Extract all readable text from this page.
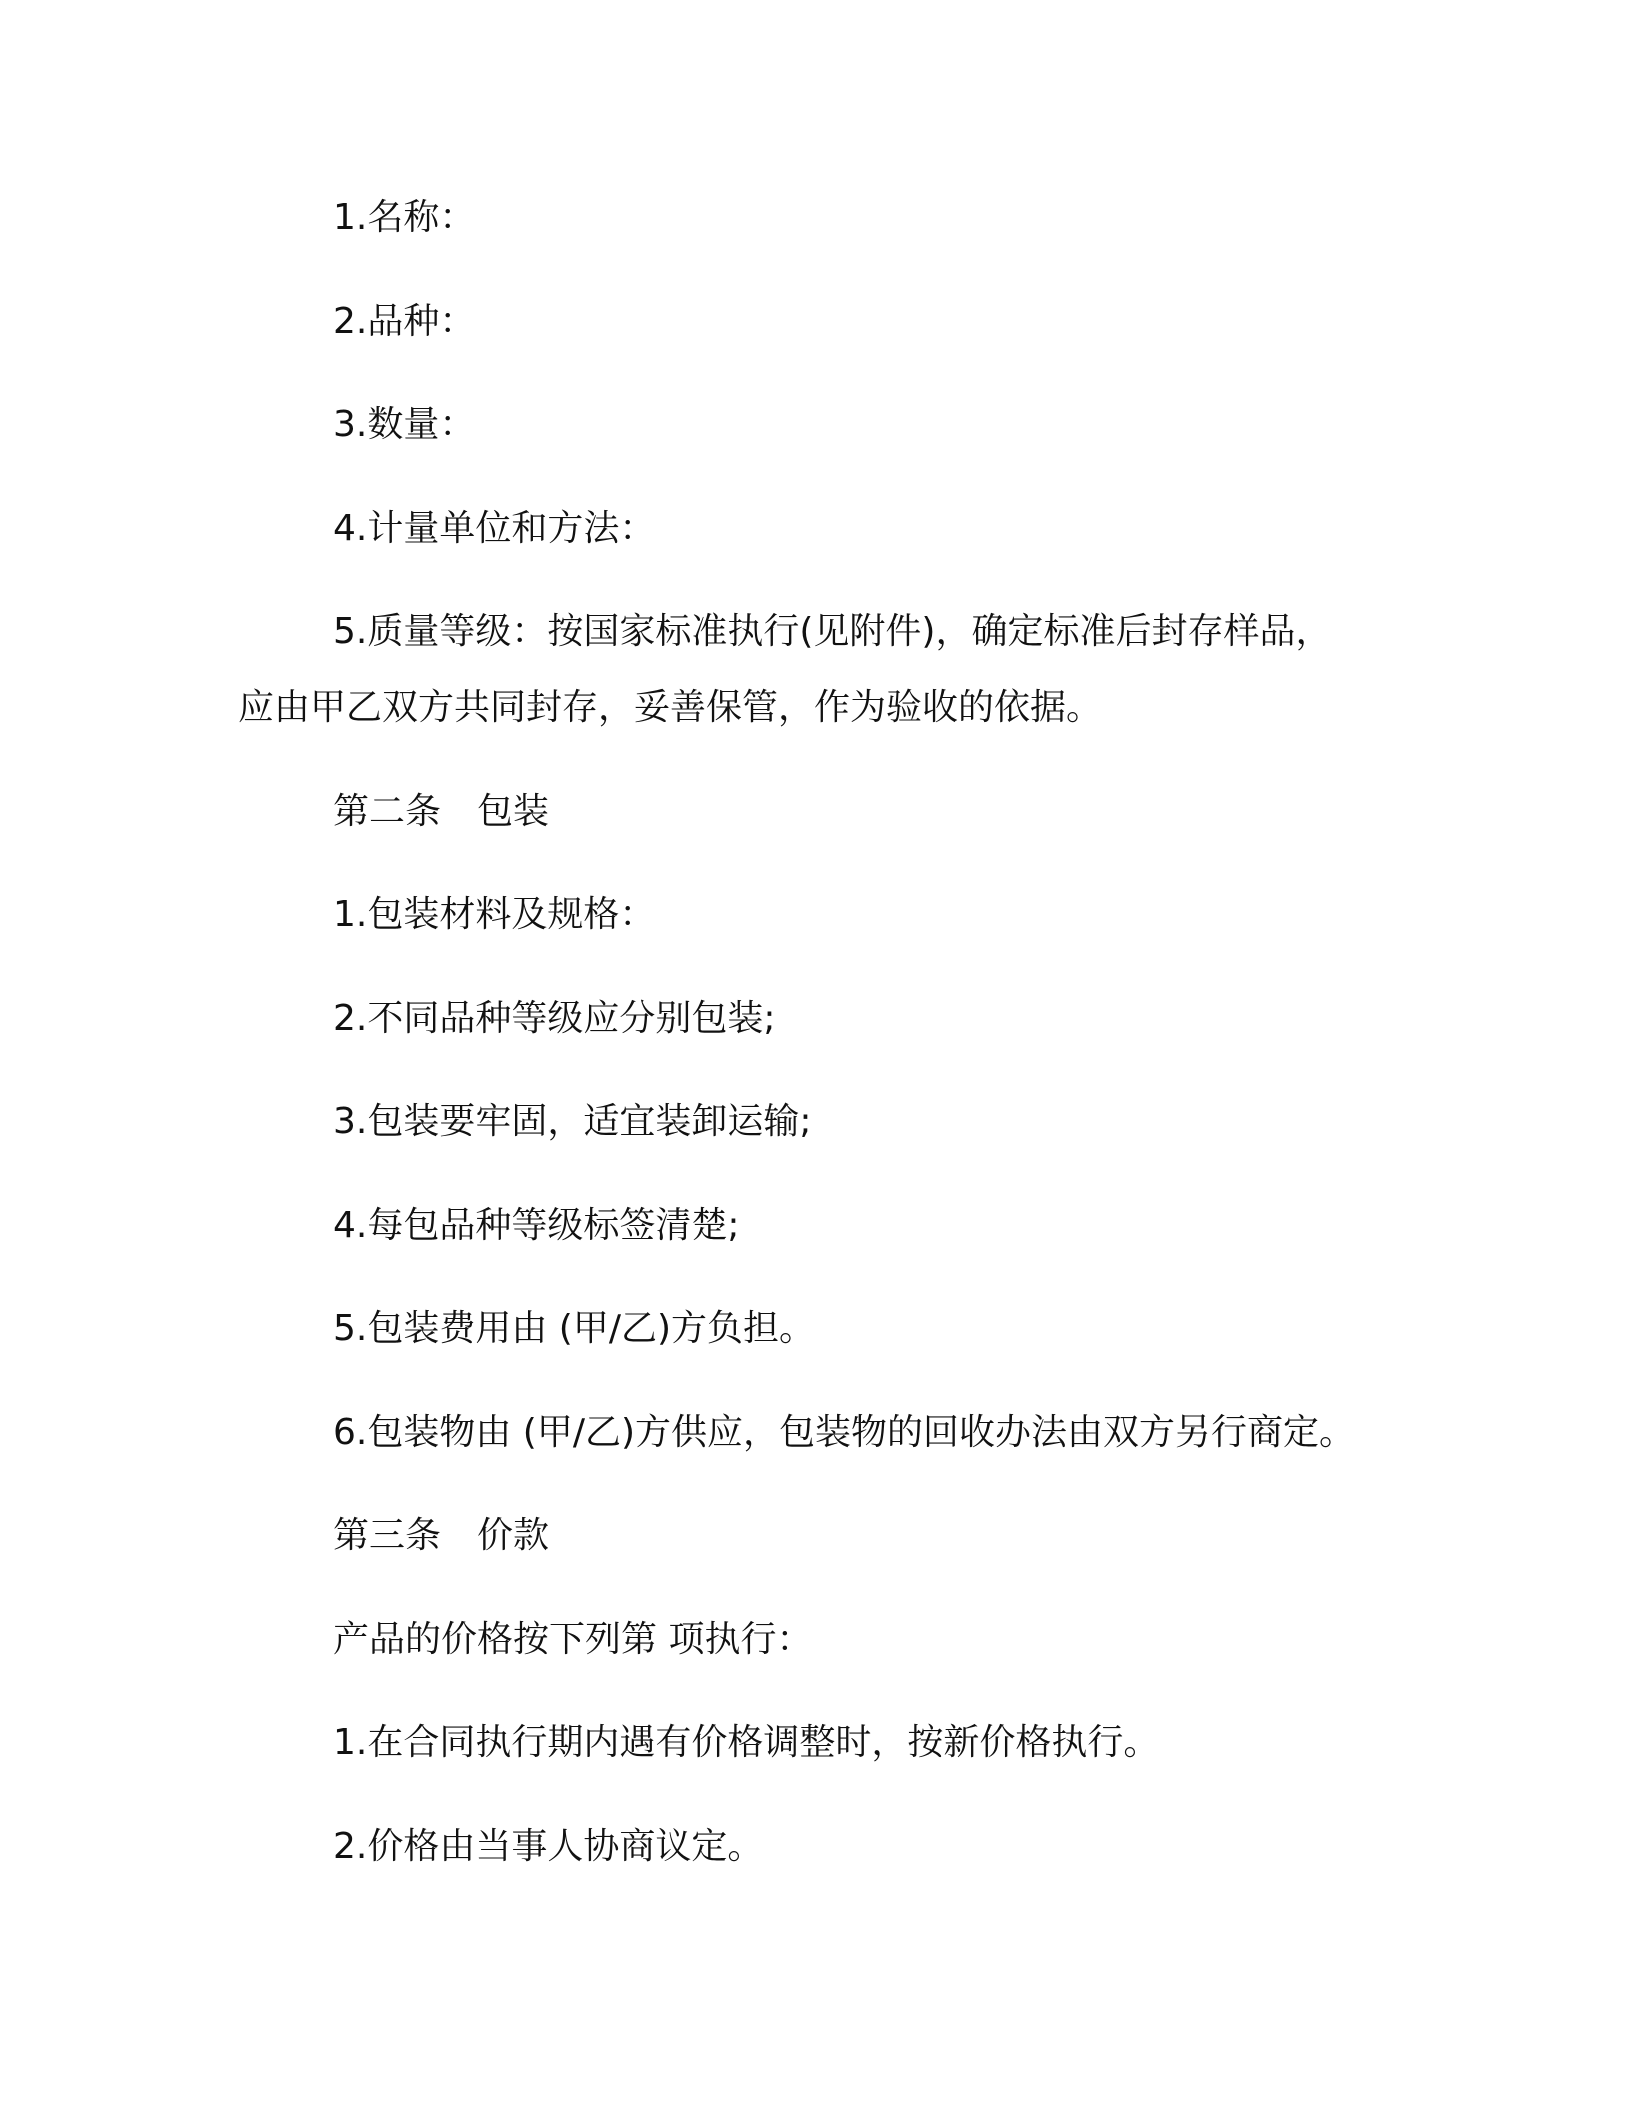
1.名称：
2.品种：
3.数量：
4.计量单位和方法：
5.质量等级：按国家标准执行(见附件)，确定标准后封存样品，
应由甲乙双方共同封存，妥善保管，作为验收的依据。
第二条 包装
1.包装材料及规格：
2.不同品种等级应分别包装;
3.包装要牢固，适宜装卸运输;
4.每包品种等级标签清楚;
5.包装费用由 (甲/乙)方负担。
6.包装物由 (甲/乙)方供应，包装物的回收办法由双方另行商定。
第三条 价款
产品的价格按下列第 项执行：
1.在合同执行期内遇有价格调整时，按新价格执行。
2.价格由当事人协商议定。
